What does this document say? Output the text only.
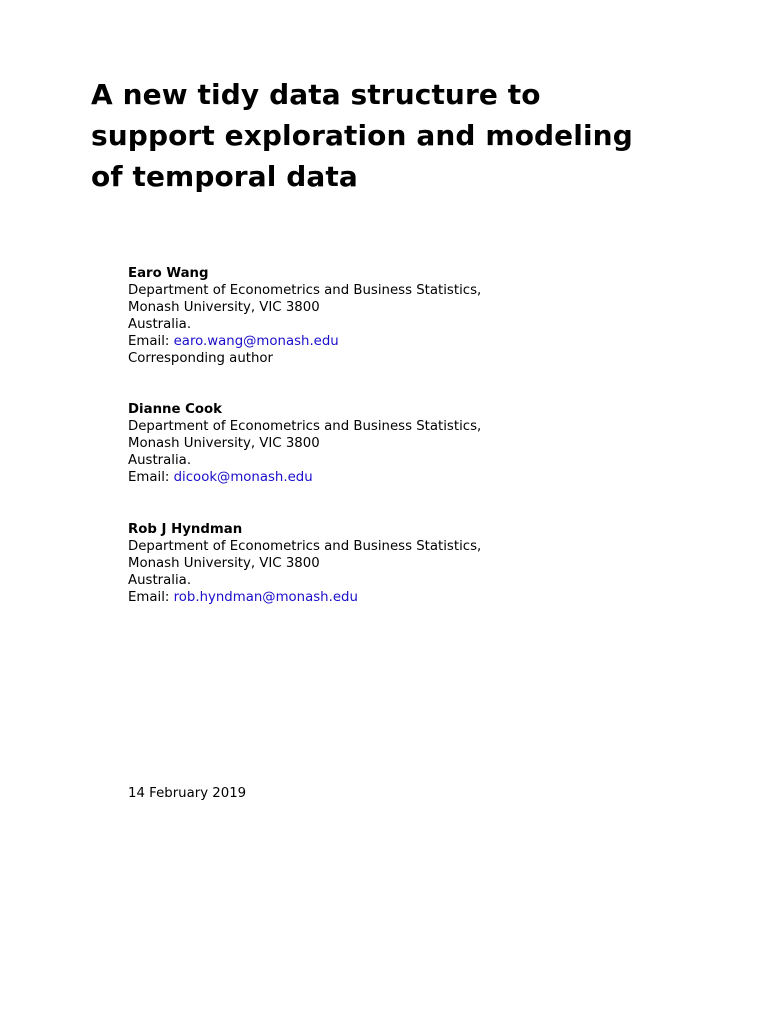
A new tidy data structure to
support exploration and modeling
of temporal data
Earo Wang
Department of Econometrics and Business Statistics,
Monash University, VIC 3800
Australia.
Email: earo.wang@monash.edu
Corresponding author
Dianne Cook
Department of Econometrics and Business Statistics,
Monash University, VIC 3800
Australia.
Email: dicook@monash.edu
Rob J Hyndman
Department of Econometrics and Business Statistics,
Monash University, VIC 3800
Australia.
Email: rob.hyndman@monash.edu
14 February 2019
